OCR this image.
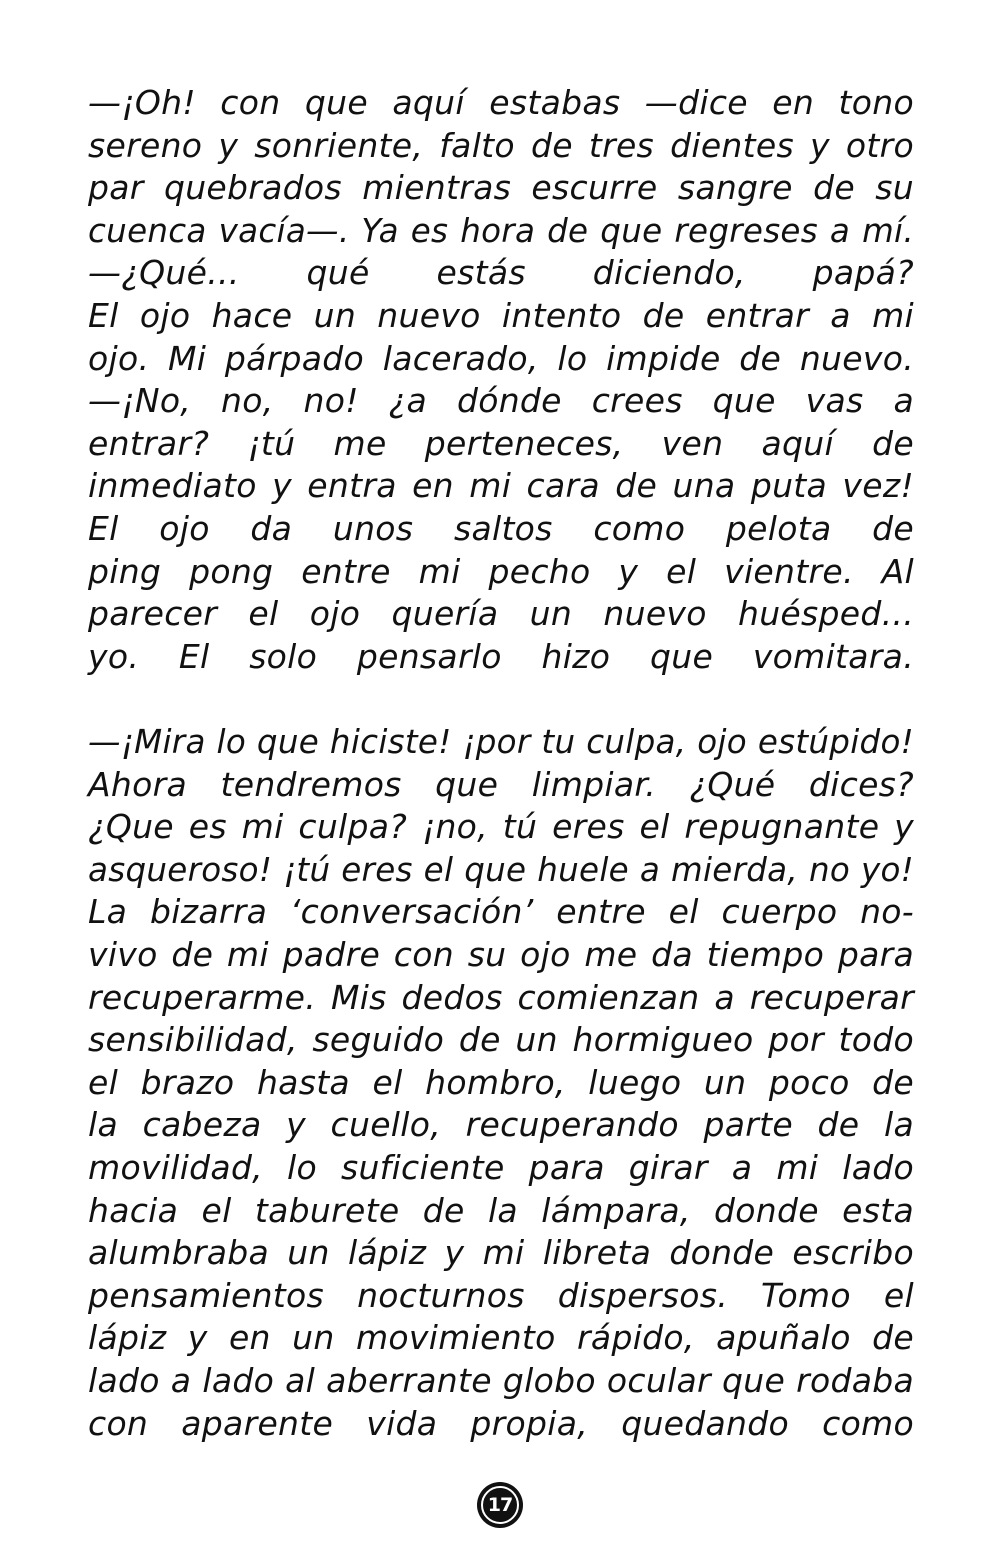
—¡Oh! con que aquí estabas —dice en tono
sereno y sonriente, falto de tres dientes y otro
par quebrados mientras escurre sangre de su
cuenca vacía—. Ya es hora de que regreses a mí.
—¿Qué... qué estás diciendo, papá?
El ojo hace un nuevo intento de entrar a mi
ojo. Mi párpado lacerado, lo impide de nuevo.
—¡No, no, no! ¿a dónde crees que vas a
entrar? ¡tú me perteneces, ven aquí de
inmediato y entra en mi cara de una puta vez!
El ojo da unos saltos como pelota de
ping pong entre mi pecho y el vientre. Al
parecer el ojo quería un nuevo huésped...
yo. El solo pensarlo hizo que vomitara.
—¡Mira lo que hiciste! ¡por tu culpa, ojo estúpido!
Ahora tendremos que limpiar. ¿Qué dices?
¿Que es mi culpa? ¡no, tú eres el repugnante y
asqueroso! ¡tú eres el que huele a mierda, no yo!
La bizarra ‘conversación’ entre el cuerpo no-
vivo de mi padre con su ojo me da tiempo para
recuperarme. Mis dedos comienzan a recuperar
sensibilidad, seguido de un hormigueo por todo
el brazo hasta el hombro, luego un poco de
la cabeza y cuello, recuperando parte de la
movilidad, lo suficiente para girar a mi lado
hacia el taburete de la lámpara, donde esta
alumbraba un lápiz y mi libreta donde escribo
pensamientos nocturnos dispersos. Tomo el
lápiz y en un movimiento rápido, apuñalo de
lado a lado al aberrante globo ocular que rodaba
con aparente vida propia, quedando como
17
